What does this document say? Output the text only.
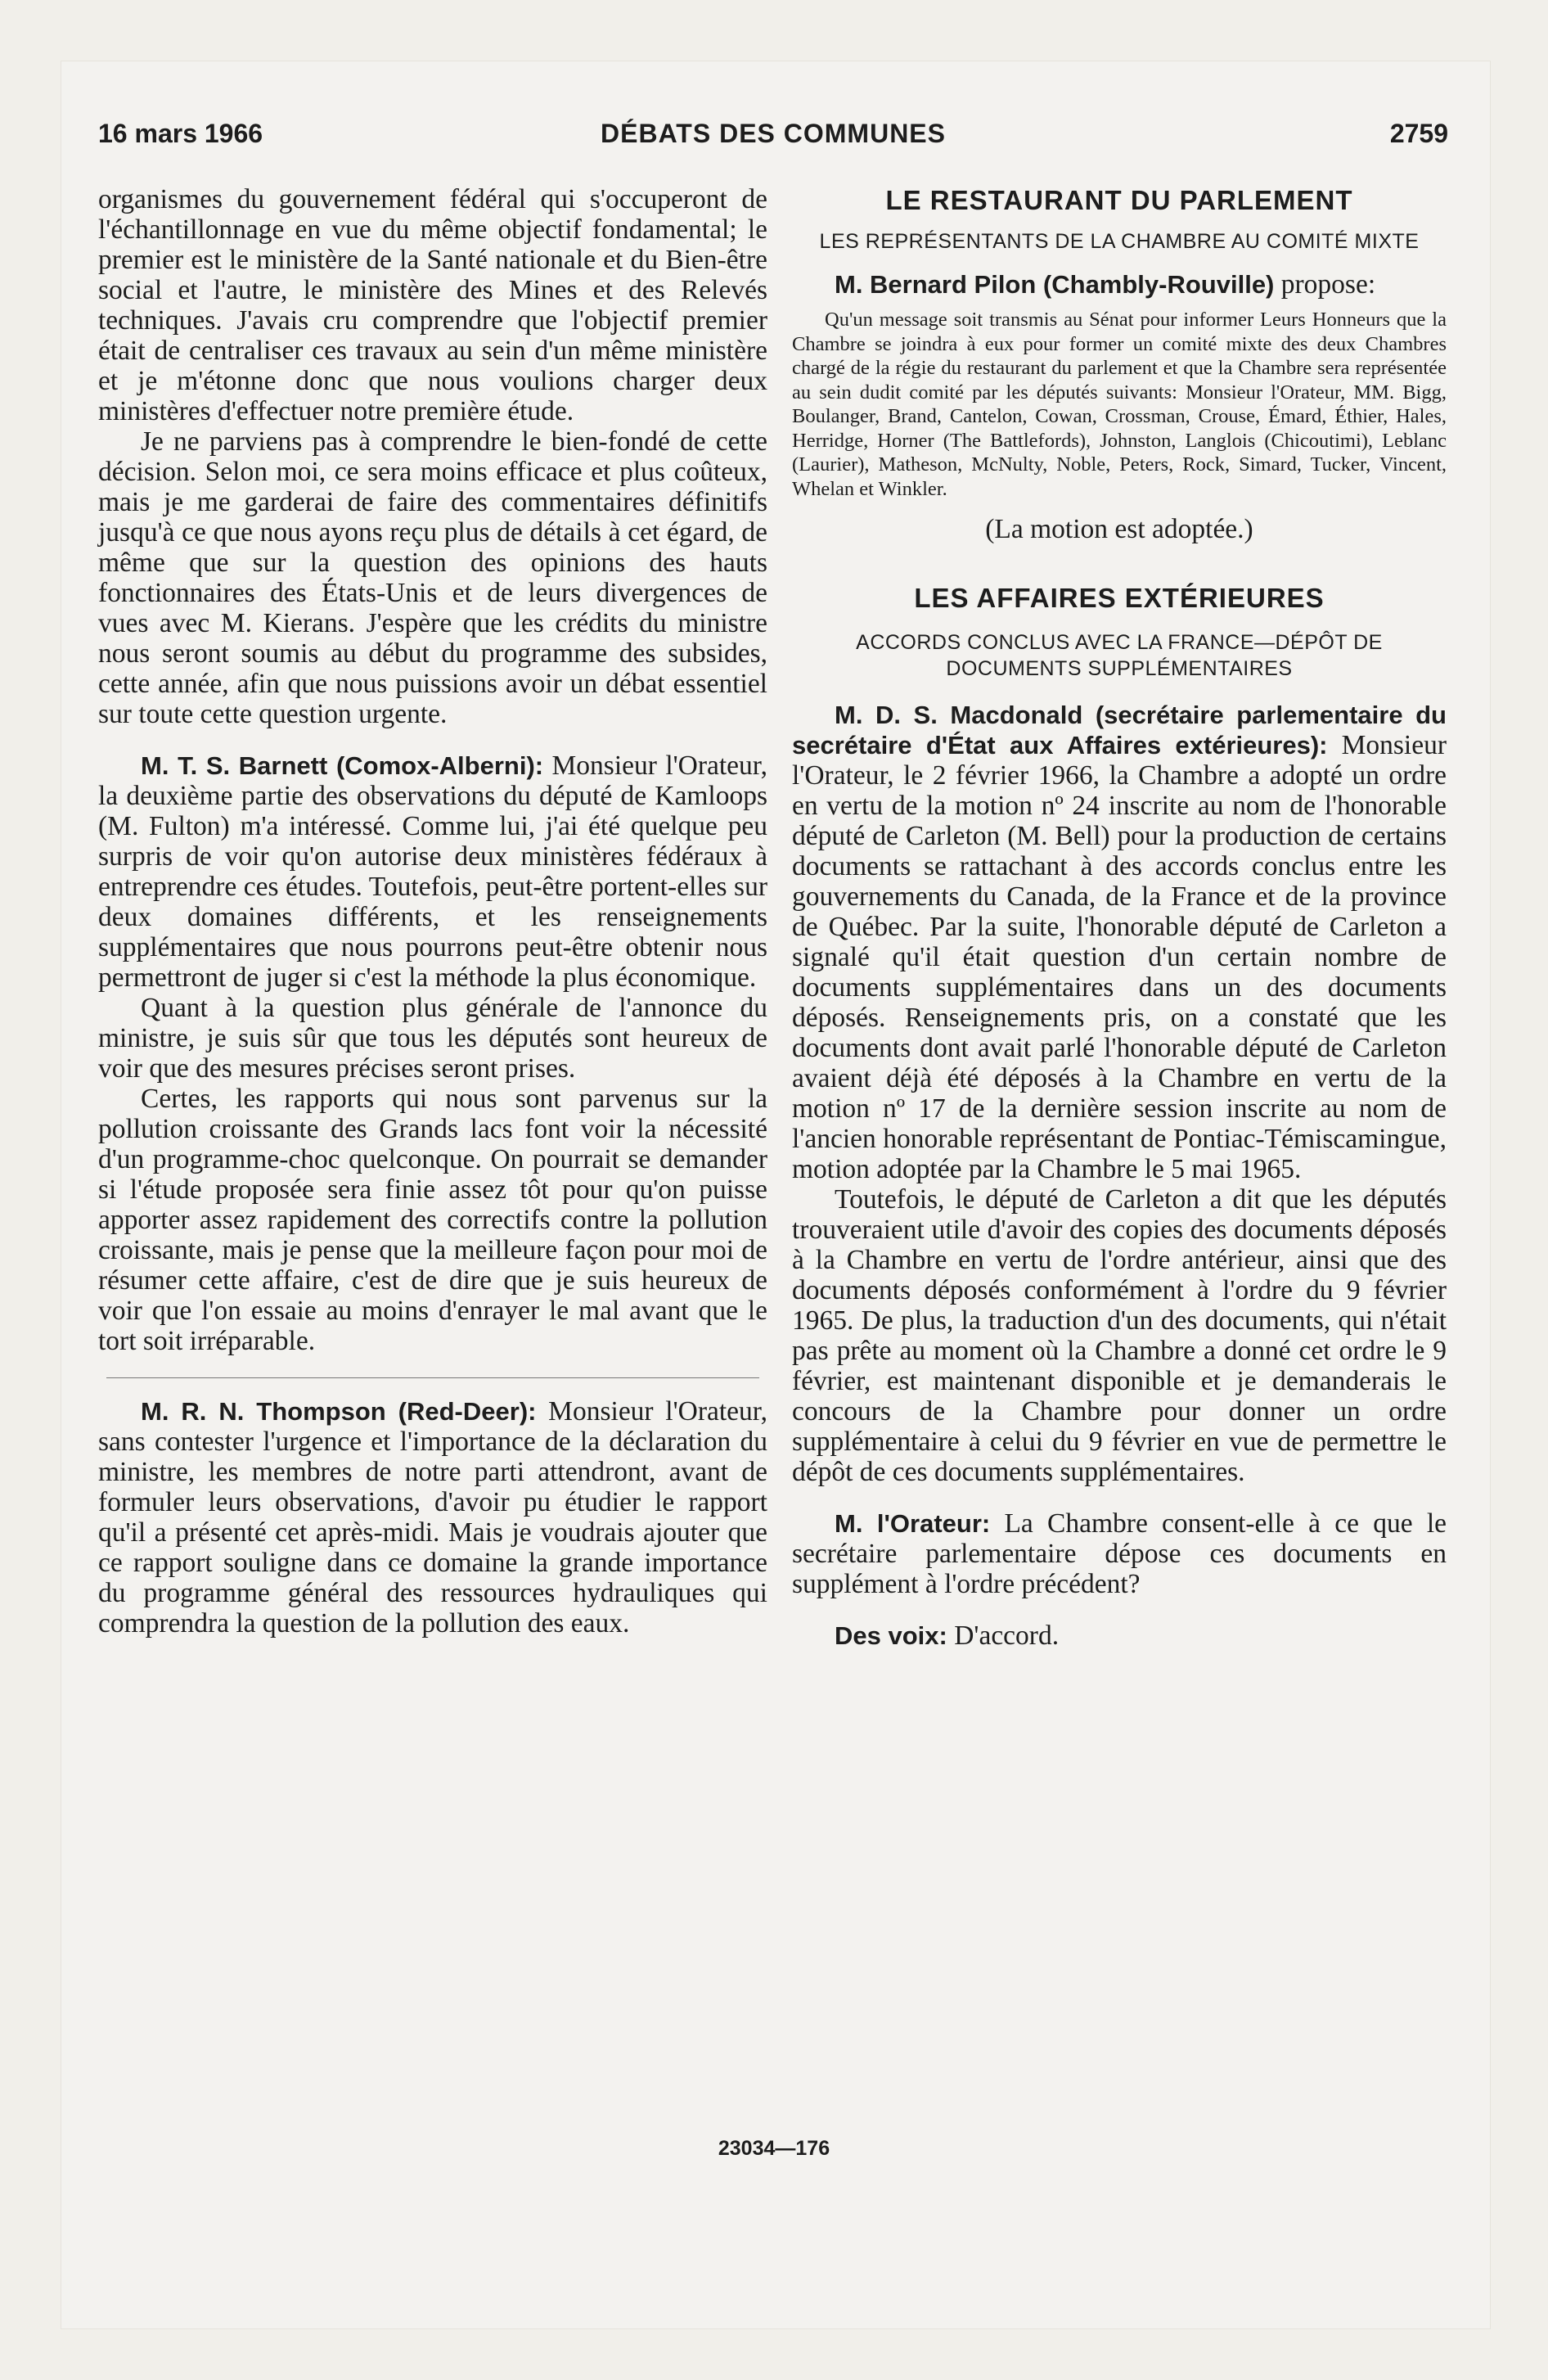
16 mars 1966	DÉBATS DES COMMUNES	2759

organismes du gouvernement fédéral qui s'occuperont de l'échantillonnage en vue du même objectif fondamental; le premier est le ministère de la Santé nationale et du Bien-être social et l'autre, le ministère des Mines et des Relevés techniques. J'avais cru comprendre que l'objectif premier était de centraliser ces travaux au sein d'un même ministère et je m'étonne donc que nous voulions charger deux ministères d'effectuer notre première étude.

Je ne parviens pas à comprendre le bien-fondé de cette décision. Selon moi, ce sera moins efficace et plus coûteux, mais je me garderai de faire des commentaires définitifs jusqu'à ce que nous ayons reçu plus de détails à cet égard, de même que sur la question des opinions des hauts fonctionnaires des États-Unis et de leurs divergences de vues avec M. Kierans. J'espère que les crédits du ministre nous seront soumis au début du programme des subsides, cette année, afin que nous puissions avoir un débat essentiel sur toute cette question urgente.

M. T. S. Barnett (Comox-Alberni): Monsieur l'Orateur, la deuxième partie des observations du député de Kamloops (M. Fulton) m'a intéressé. Comme lui, j'ai été quelque peu surpris de voir qu'on autorise deux ministères fédéraux à entreprendre ces études. Toutefois, peut-être portent-elles sur deux domaines différents, et les renseignements supplémentaires que nous pourrons peut-être obtenir nous permettront de juger si c'est la méthode la plus économique.

Quant à la question plus générale de l'annonce du ministre, je suis sûr que tous les députés sont heureux de voir que des mesures précises seront prises.

Certes, les rapports qui nous sont parvenus sur la pollution croissante des Grands lacs font voir la nécessité d'un programme-choc quelconque. On pourrait se demander si l'étude proposée sera finie assez tôt pour qu'on puisse apporter assez rapidement des correctifs contre la pollution croissante, mais je pense que la meilleure façon pour moi de résumer cette affaire, c'est de dire que je suis heureux de voir que l'on essaie au moins d'enrayer le mal avant que le tort soit irréparable.

M. R. N. Thompson (Red-Deer): Monsieur l'Orateur, sans contester l'urgence et l'importance de la déclaration du ministre, les membres de notre parti attendront, avant de formuler leurs observations, d'avoir pu étudier le rapport qu'il a présenté cet après-midi. Mais je voudrais ajouter que ce rapport souligne dans ce domaine la grande importance du programme général des ressources hydrauliques qui comprendra la question de la pollution des eaux.

LE RESTAURANT DU PARLEMENT

LES REPRÉSENTANTS DE LA CHAMBRE AU COMITÉ MIXTE

M. Bernard Pilon (Chambly-Rouville) propose:

Qu'un message soit transmis au Sénat pour informer Leurs Honneurs que la Chambre se joindra à eux pour former un comité mixte des deux Chambres chargé de la régie du restaurant du parlement et que la Chambre sera représentée au sein dudit comité par les députés suivants: Monsieur l'Orateur, MM. Bigg, Boulanger, Brand, Cantelon, Cowan, Crossman, Crouse, Émard, Éthier, Hales, Herridge, Horner (The Battlefords), Johnston, Langlois (Chicoutimi), Leblanc (Laurier), Matheson, McNulty, Noble, Peters, Rock, Simard, Tucker, Vincent, Whelan et Winkler.

(La motion est adoptée.)

LES AFFAIRES EXTÉRIEURES

ACCORDS CONCLUS AVEC LA FRANCE—DÉPÔT DE DOCUMENTS SUPPLÉMENTAIRES

M. D. S. Macdonald (secrétaire parlementaire du secrétaire d'État aux Affaires extérieures): Monsieur l'Orateur, le 2 février 1966, la Chambre a adopté un ordre en vertu de la motion nº 24 inscrite au nom de l'honorable député de Carleton (M. Bell) pour la production de certains documents se rattachant à des accords conclus entre les gouvernements du Canada, de la France et de la province de Québec. Par la suite, l'honorable député de Carleton a signalé qu'il était question d'un certain nombre de documents supplémentaires dans un des documents déposés. Renseignements pris, on a constaté que les documents dont avait parlé l'honorable député de Carleton avaient déjà été déposés à la Chambre en vertu de la motion nº 17 de la dernière session inscrite au nom de l'ancien honorable représentant de Pontiac-Témiscamingue, motion adoptée par la Chambre le 5 mai 1965.

Toutefois, le député de Carleton a dit que les députés trouveraient utile d'avoir des copies des documents déposés à la Chambre en vertu de l'ordre antérieur, ainsi que des documents déposés conformément à l'ordre du 9 février 1965. De plus, la traduction d'un des documents, qui n'était pas prête au moment où la Chambre a donné cet ordre le 9 février, est maintenant disponible et je demanderais le concours de la Chambre pour donner un ordre supplémentaire à celui du 9 février en vue de permettre le dépôt de ces documents supplémentaires.

M. l'Orateur: La Chambre consent-elle à ce que le secrétaire parlementaire dépose ces documents en supplément à l'ordre précédent?

Des voix: D'accord.

23034—176
